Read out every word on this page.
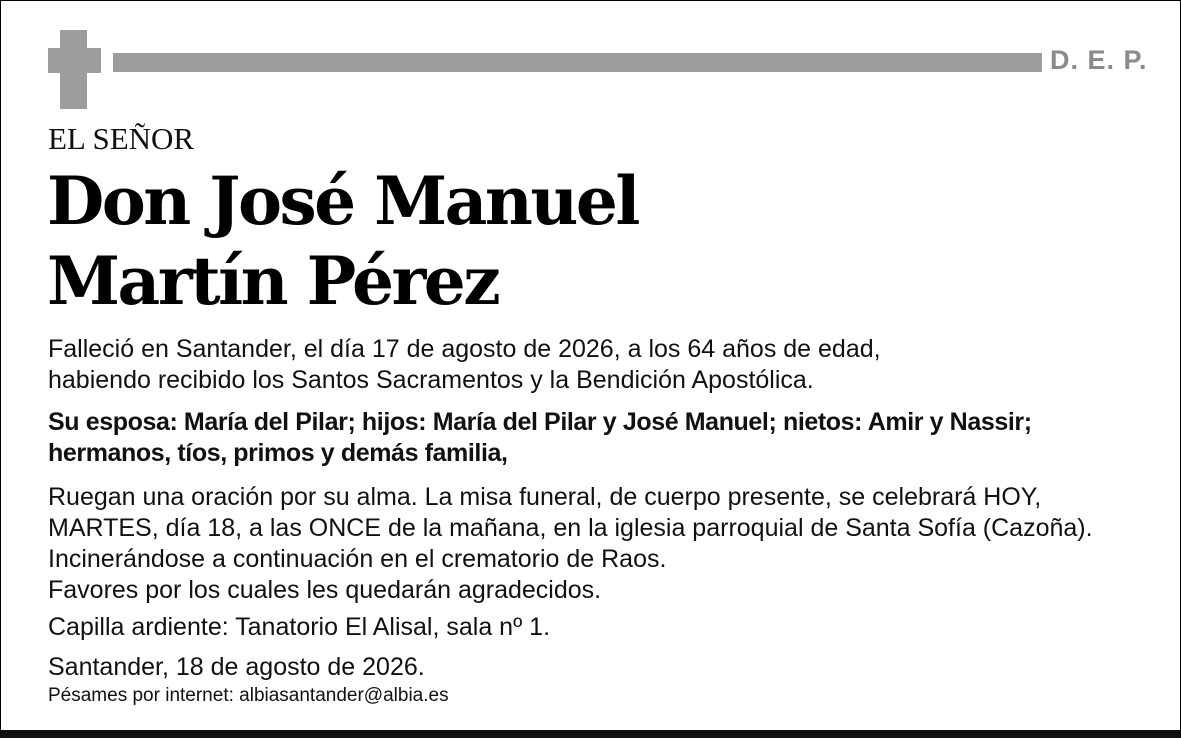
D. E. P.
EL SEÑOR
Don José Manuel
Martín Pérez
Falleció en Santander, el día 17 de agosto de 2026, a los 64 años de edad,
habiendo recibido los Santos Sacramentos y la Bendición Apostólica.
Su esposa: María del Pilar; hijos: María del Pilar y José Manuel; nietos: Amir y Nassir;
hermanos, tíos, primos y demás familia,
Ruegan una oración por su alma. La misa funeral, de cuerpo presente, se celebrará HOY,
MARTES, día 18, a las ONCE de la mañana, en la iglesia parroquial de Santa Sofía (Cazoña).
Incinerándose a continuación en el crematorio de Raos.
Favores por los cuales les quedarán agradecidos.
Capilla ardiente: Tanatorio El Alisal, sala nº 1.
Santander, 18 de agosto de 2026.
Pésames por internet: albiasantander@albia.es
